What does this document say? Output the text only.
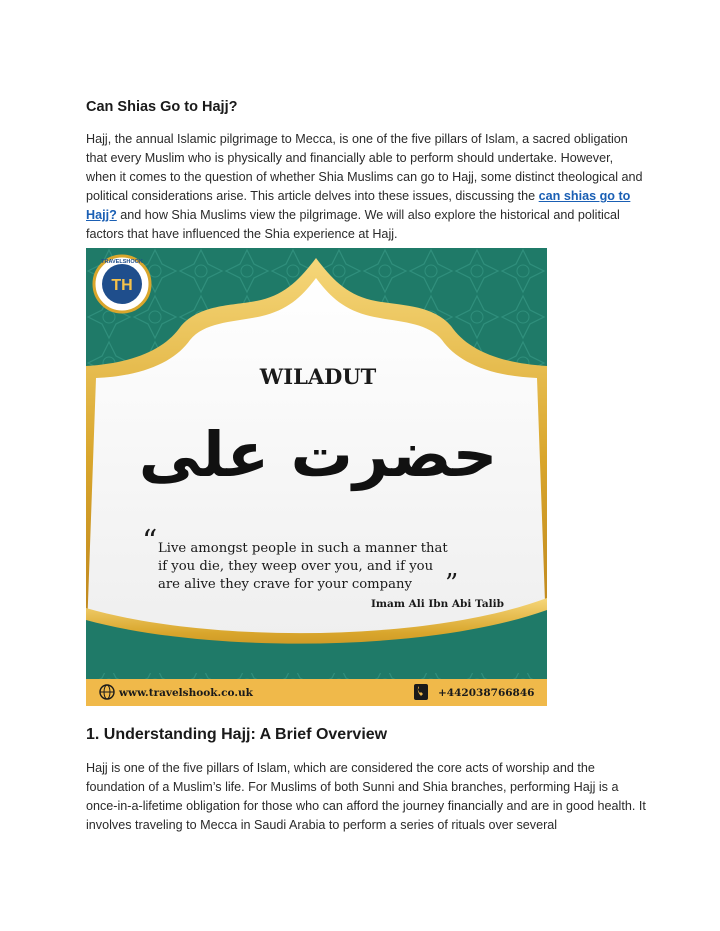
Can Shias Go to Hajj?
Hajj, the annual Islamic pilgrimage to Mecca, is one of the five pillars of Islam, a sacred obligation that every Muslim who is physically and financially able to perform should undertake. However, when it comes to the question of whether Shia Muslims can go to Hajj, some distinct theological and political considerations arise. This article delves into these issues, discussing the can shias go to Hajj? and how Shia Muslims view the pilgrimage. We will also explore the historical and political factors that have influenced the Shia experience at Hajj.
TH
TRAVELSHOOK
WILADUT
حضرت علی
“ Live amongst people in such a manner that
if you die, they weep over you, and if you
are alive they crave for your company ”
Imam Ali Ibn Abi Talib
www.travelshook.co.uk	+442038766846
1. Understanding Hajj: A Brief Overview
Hajj is one of the five pillars of Islam, which are considered the core acts of worship and the foundation of a Muslim’s life. For Muslims of both Sunni and Shia branches, performing Hajj is a once-in-a-lifetime obligation for those who can afford the journey financially and are in good health. It involves traveling to Mecca in Saudi Arabia to perform a series of rituals over several
